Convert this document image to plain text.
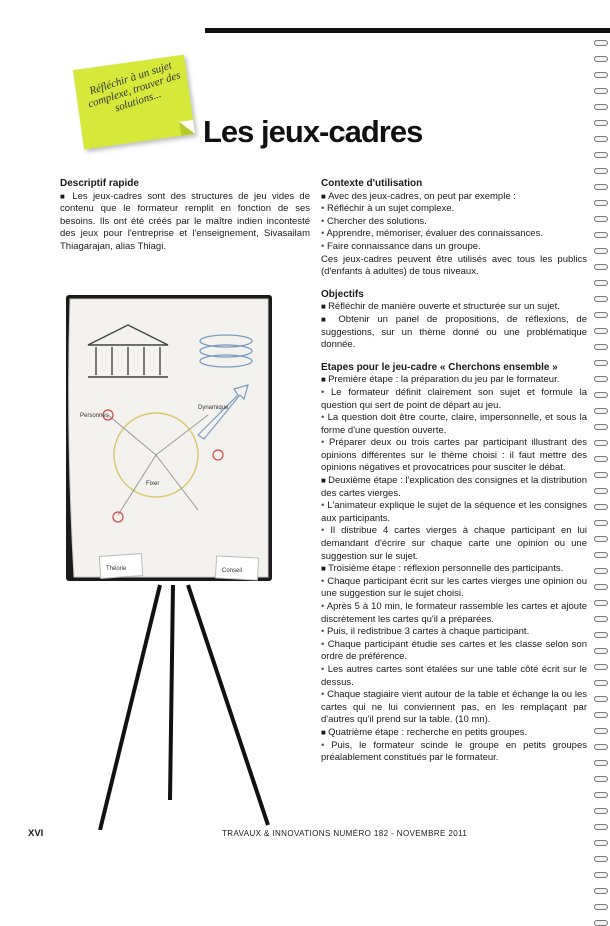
Réfléchir à un sujet complexe, trouver des solutions...
Les jeux-cadres

Descriptif rapide

■ Les jeux-cadres sont des structures de jeu vides de contenu que le formateur remplit en fonction de ses besoins. Ils ont été créés par le maître indien incontesté des jeux pour l'entreprise et l'enseignement, Sivasailam Thiagarajan, alias Thiagi.

Personnes
Dynamique
Fixer
Théorie	Conseil

Contexte d'utilisation

■ Avec des jeux-cadres, on peut par exemple :

• Réfléchir à un sujet complexe.

• Chercher des solutions.

• Apprendre, mémoriser, évaluer des connaissances.

• Faire connaissance dans un groupe.

Ces jeux-cadres peuvent être utilisés avec tous les publics (d'enfants à adultes) de tous niveaux.

Objectifs

■ Réfléchir de manière ouverte et structurée sur un sujet.

■ Obtenir un panel de propositions, de réflexions, de suggestions, sur un thème donné ou une problématique donnée.

Etapes pour le jeu-cadre « Cherchons ensemble »

■ Première étape : la préparation du jeu par le formateur.

• Le formateur définit clairement son sujet et formule la question qui sert de point de départ au jeu.

• La question doit être courte, claire, impersonnelle, et sous la forme d'une question ouverte.

• Préparer deux ou trois cartes par participant illustrant des opinions différentes sur le thème choisi : il faut mettre des opinions négatives et provocatrices pour susciter le débat.

■ Deuxième étape : l'explication des consignes et la distribution des cartes vierges.

• L'animateur explique le sujet de la séquence et les consignes aux participants.

• Il distribue 4 cartes vierges à chaque participant en lui demandant d'écrire sur chaque carte une opinion ou une suggestion sur le sujet.

■ Troisième étape : réflexion personnelle des participants.

• Chaque participant écrit sur les cartes vierges une opinion ou une suggestion sur le sujet choisi.

• Après 5 à 10 min, le formateur rassemble les cartes et ajoute discrètement les cartes qu'il a préparées.

• Puis, il redistribue 3 cartes à chaque participant.

• Chaque participant étudie ses cartes et les classe selon son ordre de préférence.

• Les autres cartes sont étalées sur une table côté écrit sur le dessus.

• Chaque stagiaire vient autour de la table et échange la ou les cartes qui ne lui conviennent pas, en les remplaçant par d'autres qu'il prend sur la table. (10 mn).

■ Quatrième étape : recherche en petits groupes.

• Puis, le formateur scinde le groupe en petits groupes préalablement constitués par le formateur.

XVI	TRAVAUX & INNOVATIONS NUMÉRO 182 - NOVEMBRE 2011
